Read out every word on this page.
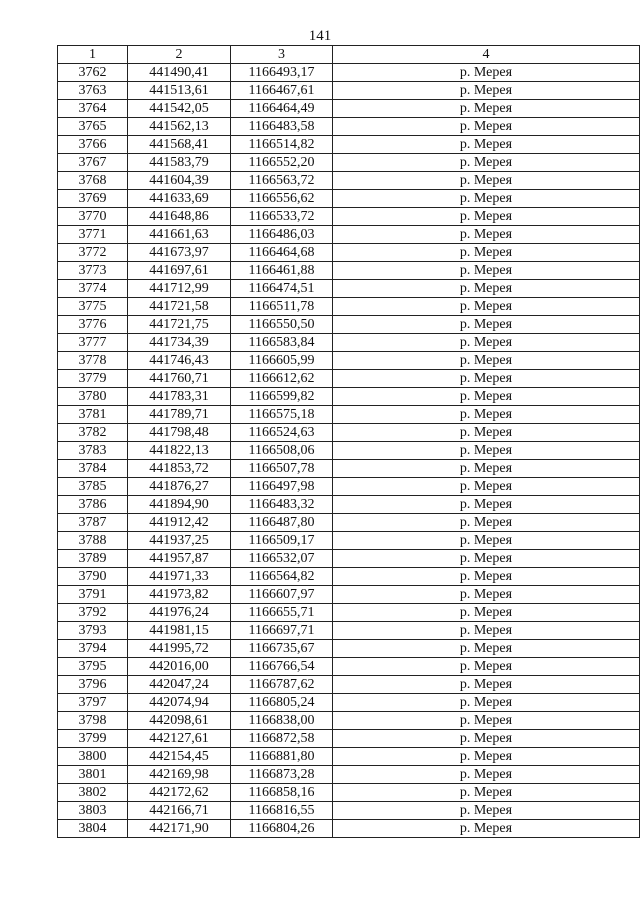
141
1	2	3	4
3762	441490,41	1166493,17	р. Мерея
3763	441513,61	1166467,61	р. Мерея
3764	441542,05	1166464,49	р. Мерея
3765	441562,13	1166483,58	р. Мерея
3766	441568,41	1166514,82	р. Мерея
3767	441583,79	1166552,20	р. Мерея
3768	441604,39	1166563,72	р. Мерея
3769	441633,69	1166556,62	р. Мерея
3770	441648,86	1166533,72	р. Мерея
3771	441661,63	1166486,03	р. Мерея
3772	441673,97	1166464,68	р. Мерея
3773	441697,61	1166461,88	р. Мерея
3774	441712,99	1166474,51	р. Мерея
3775	441721,58	1166511,78	р. Мерея
3776	441721,75	1166550,50	р. Мерея
3777	441734,39	1166583,84	р. Мерея
3778	441746,43	1166605,99	р. Мерея
3779	441760,71	1166612,62	р. Мерея
3780	441783,31	1166599,82	р. Мерея
3781	441789,71	1166575,18	р. Мерея
3782	441798,48	1166524,63	р. Мерея
3783	441822,13	1166508,06	р. Мерея
3784	441853,72	1166507,78	р. Мерея
3785	441876,27	1166497,98	р. Мерея
3786	441894,90	1166483,32	р. Мерея
3787	441912,42	1166487,80	р. Мерея
3788	441937,25	1166509,17	р. Мерея
3789	441957,87	1166532,07	р. Мерея
3790	441971,33	1166564,82	р. Мерея
3791	441973,82	1166607,97	р. Мерея
3792	441976,24	1166655,71	р. Мерея
3793	441981,15	1166697,71	р. Мерея
3794	441995,72	1166735,67	р. Мерея
3795	442016,00	1166766,54	р. Мерея
3796	442047,24	1166787,62	р. Мерея
3797	442074,94	1166805,24	р. Мерея
3798	442098,61	1166838,00	р. Мерея
3799	442127,61	1166872,58	р. Мерея
3800	442154,45	1166881,80	р. Мерея
3801	442169,98	1166873,28	р. Мерея
3802	442172,62	1166858,16	р. Мерея
3803	442166,71	1166816,55	р. Мерея
3804	442171,90	1166804,26	р. Мерея
